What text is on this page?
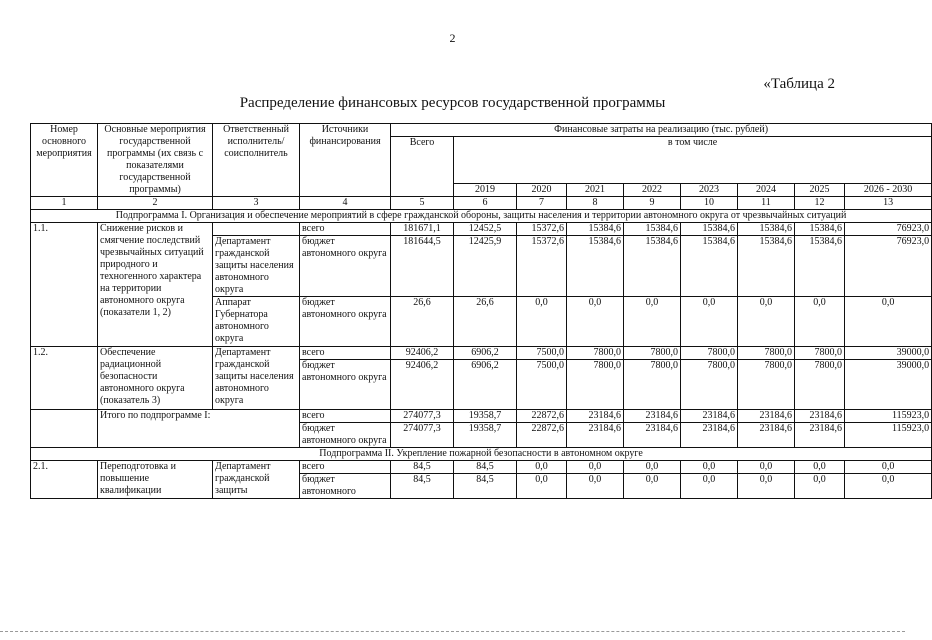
2
«Таблица 2
Распределение финансовых ресурсов государственной программы
Номер основного мероприятия	Основные мероприятия государственной программы (их связь с показателями государственной программы)	Ответственный исполнитель/ соисполнитель	Источники финансирования	Финансовые затраты на реализацию (тыс. рублей)								
				Всего	в том числе							
					2019	2020	2021	2022	2023	2024	2025	2026 - 2030
1	2	3	4	5	6	7	8	9	10	11	12	13
Подпрограмма I. Организация и обеспечение мероприятий в сфере гражданской обороны, защиты населения и территории автономного округа от чрезвычайных ситуаций												
1.1.	Снижение рисков и смягчение последствий чрезвычайных ситуаций природного и техногенного характера на территории автономного округа (показатели 1, 2)		всего	181671,1	12452,5	15372,6	15384,6	15384,6	15384,6	15384,6	15384,6	76923,0
		Департамент гражданской защиты населения автономного округа	бюджет автономного округа	181644,5	12425,9	15372,6	15384,6	15384,6	15384,6	15384,6	15384,6	76923,0
		Аппарат Губернатора автономного округа	бюджет автономного округа	26,6	26,6	0,0	0,0	0,0	0,0	0,0	0,0	0,0
1.2.	Обеспечение радиационной безопасности автономного округа (показатель 3)	Департамент гражданской защиты населения автономного округа	всего	92406,2	6906,2	7500,0	7800,0	7800,0	7800,0	7800,0	7800,0	39000,0
			бюджет автономного округа	92406,2	6906,2	7500,0	7800,0	7800,0	7800,0	7800,0	7800,0	39000,0
	Итого по подпрограмме I:		всего	274077,3	19358,7	22872,6	23184,6	23184,6	23184,6	23184,6	23184,6	115923,0
			бюджет автономного округа	274077,3	19358,7	22872,6	23184,6	23184,6	23184,6	23184,6	23184,6	115923,0
Подпрограмма II. Укрепление пожарной безопасности в автономном округе												
2.1.	Переподготовка и повышение квалификации	Департамент гражданской защиты	всего	84,5	84,5	0,0	0,0	0,0	0,0	0,0	0,0	0,0
			бюджет автономного	84,5	84,5	0,0	0,0	0,0	0,0	0,0	0,0	0,0
